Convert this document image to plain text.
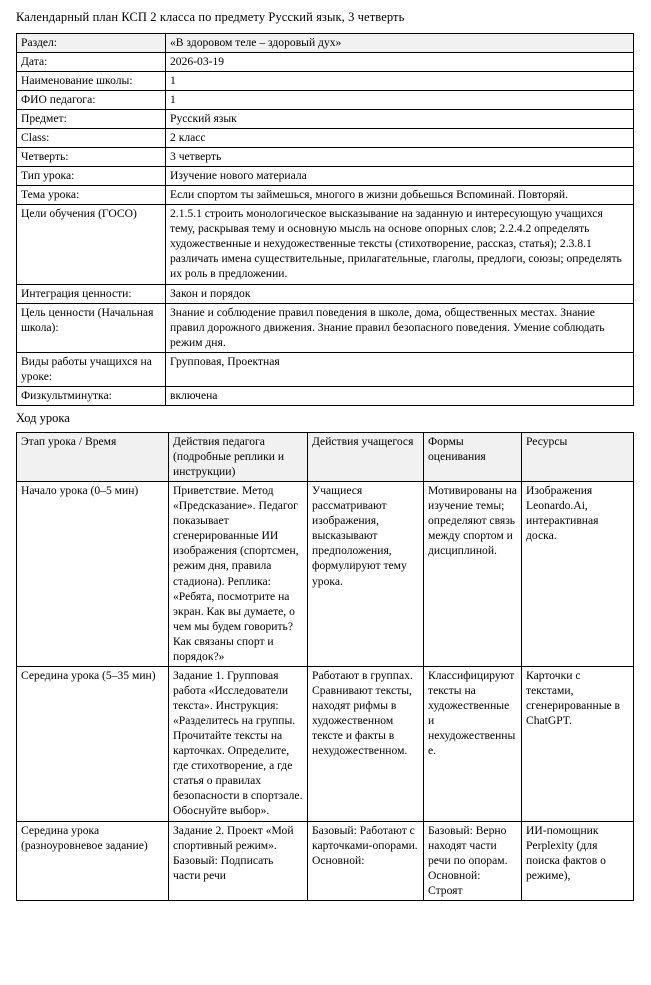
Календарный план КСП 2 класса по предмету Русский язык, 3 четверть
Раздел:	«В здоровом теле – здоровый дух»
Дата:	2026-03-19
Наименование школы:	1
ФИО педагога:	1
Предмет:	Русский язык
Class:	2 класс
Четверть:	3 четверть
Тип урока:	Изучение нового материала
Тема урока:	Если спортом ты займешься, многого в жизни добьешься Вспоминай. Повторяй.
Цели обучения (ГОСО)	2.1.5.1 строить монологическое высказывание на заданную и интересующую учащихся тему, раскрывая тему и основную мысль на основе опорных слов; 2.2.4.2 определять художественные и нехудожественные тексты (стихотворение, рассказ, статья); 2.3.8.1 различать имена существительные, прилагательные, глаголы, предлоги, союзы; определять их роль в предложении.
Интеграция ценности:	Закон и порядок
Цель ценности (Начальная школа):	Знание и соблюдение правил поведения в школе, дома, общественных местах. Знание правил дорожного движения. Знание правил безопасного поведения. Умение соблюдать режим дня.
Виды работы учащихся на уроке:	Групповая, Проектная
Физкультминутка:	включена
Ход урока
Этап урока / Время	Действия педагога (подробные реплики и инструкции)	Действия учащегося	Формы оценивания	Ресурсы
Начало урока (0–5 мин)	Приветствие. Метод «Предсказание». Педагог показывает сгенерированные ИИ изображения (спортсмен, режим дня, правила стадиона). Реплика: «Ребята, посмотрите на экран. Как вы думаете, о чем мы будем говорить? Как связаны спорт и порядок?»	Учащиеся рассматривают изображения, высказывают предположения, формулируют тему урока.	Мотивированы на изучение темы; определяют связь между спортом и дисциплиной.	Изображения Leonardo.Ai, интерактивная доска.
Середина урока (5–35 мин)	Задание 1. Групповая работа «Исследователи текста». Инструкция: «Разделитесь на группы. Прочитайте тексты на карточках. Определите, где стихотворение, а где статья о правилах безопасности в спортзале. Обоснуйте выбор».	Работают в группах. Сравнивают тексты, находят рифмы в художественном тексте и факты в нехудожественном.	Классифицируют тексты на художественные и нехудожественные.	Карточки с текстами, сгенерированные в ChatGPT.
Середина урока (разноуровневое задание)	Задание 2. Проект «Мой спортивный режим». Базовый: Подписать части речи	Базовый: Работают с карточками-опорами. Основной:	Базовый: Верно находят части речи по опорам. Основной: Строят	ИИ-помощник Perplexity (для поиска фактов о режиме),
